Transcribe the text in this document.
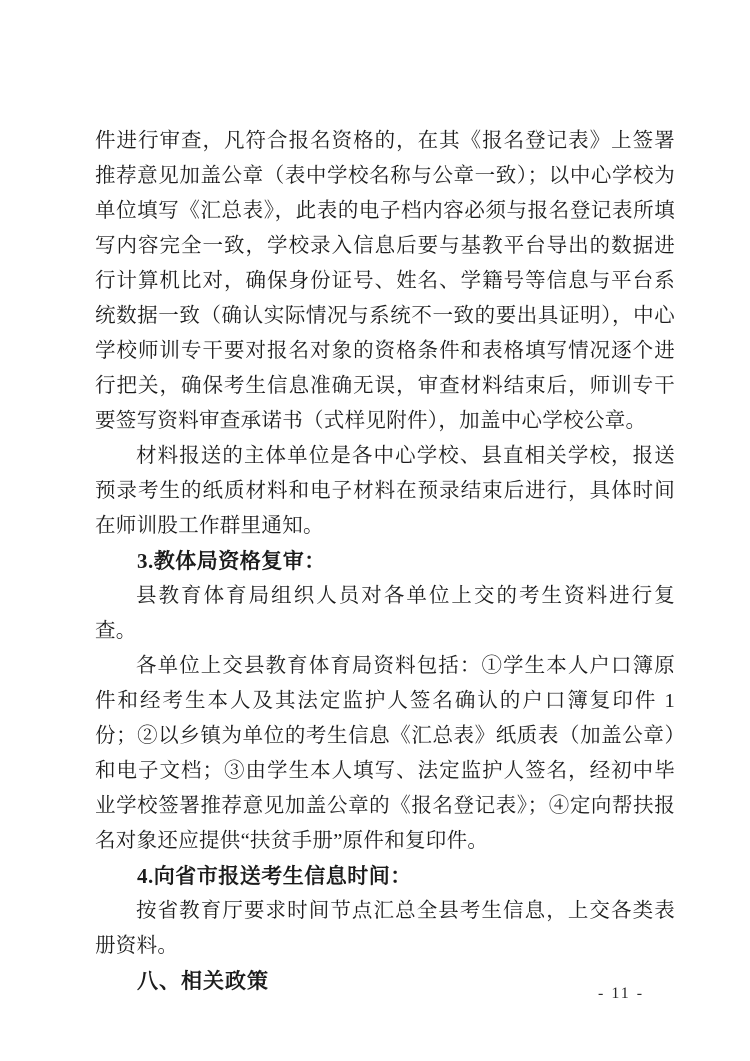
件进行审查，凡符合报名资格的，在其《报名登记表》上签署推荐意见加盖公章（表中学校名称与公章一致）；以中心学校为单位填写《汇总表》，此表的电子档内容必须与报名登记表所填写内容完全一致，学校录入信息后要与基教平台导出的数据进行计算机比对，确保身份证号、姓名、学籍号等信息与平台系统数据一致（确认实际情况与系统不一致的要出具证明），中心学校师训专干要对报名对象的资格条件和表格填写情况逐个进行把关，确保考生信息准确无误，审查材料结束后，师训专干要签写资料审查承诺书（式样见附件），加盖中心学校公章。

材料报送的主体单位是各中心学校、县直相关学校，报送预录考生的纸质材料和电子材料在预录结束后进行，具体时间在师训股工作群里通知。

3.教体局资格复审：

县教育体育局组织人员对各单位上交的考生资料进行复查。

各单位上交县教育体育局资料包括：①学生本人户口簿原件和经考生本人及其法定监护人签名确认的户口簿复印件 1 份；②以乡镇为单位的考生信息《汇总表》纸质表（加盖公章）和电子文档；③由学生本人填写、法定监护人签名，经初中毕业学校签署推荐意见加盖公章的《报名登记表》；④定向帮扶报名对象还应提供“扶贫手册”原件和复印件。

4.向省市报送考生信息时间：

按省教育厅要求时间节点汇总全县考生信息，上交各类表册资料。

八、相关政策

- 11 -
